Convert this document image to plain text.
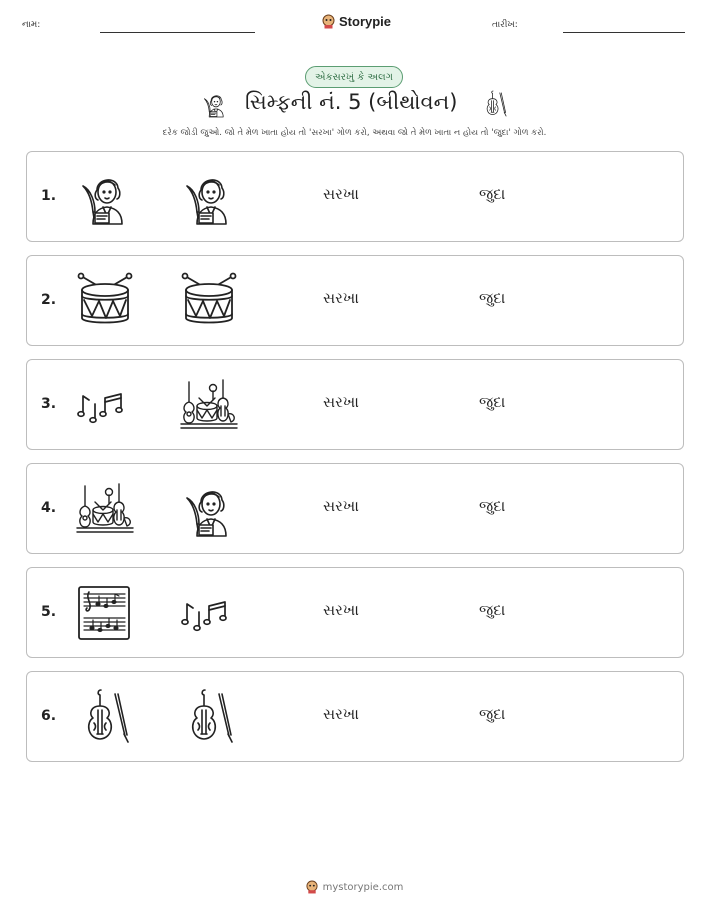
નામ:	Storypie	તારીખ:
એકસરખું કે અલગ
સિમ્ફની નં. 5 (બીથોવન)
દરેક જોડી જુઓ. જો તે મેળ ખાતા હોય તો 'સરખા' ગોળ કરો, અથવા જો તે મેળ ખાતા ન હોય તો 'જુદા' ગોળ કરો.
1.	સરખા	જુદા
2.	સરખા	જુદા
3.	સરખા	જુદા
4.	સરખા	જુદા
5.	સરખા	જુદા
6.	સરખા	જુદા
mystorypie.com
